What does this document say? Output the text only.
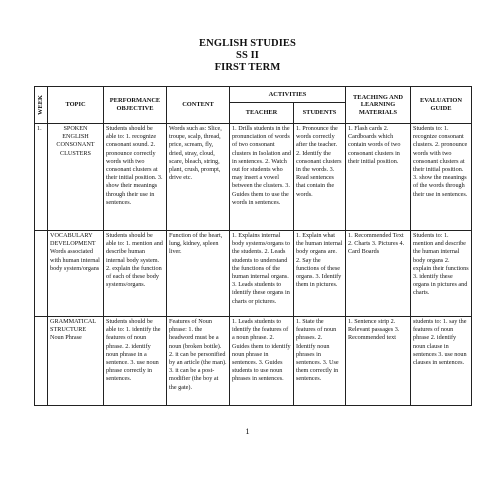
ENGLISH STUDIES
SS II
FIRST TERM
WEEK	TOPIC	PERFORMANCE OBJECTIVE	CONTENT	ACTIVITIES		TEACHING AND LEARNING MATERIALS	EVALUATION GUIDE
				TEACHER	STUDENTS		
1.	SPOKEN ENGLISH CONSONANT CLUSTERS	Students should be able to: 1. recognize consonant sound. 2. pronounce correctly words with two consonant clusters at their initial position. 3. show their meanings through their use in sentences.	Words such as: Slice, troupe, scalp, thread, price, scream, fly, dried, stray, cloud, scare, bleach, string, plant, crush, prompt, drive etc.	1. Drills students in the pronunciation of words of two consonant clusters in Isolation and in sentences. 2. Watch out for students who may insert a vowel between the clusters. 3. Guides them to use the words in sentences.	1. Pronounce the words correctly after the teacher. 2. Identify the consonant clusters in the words. 3. Read sentences that contain the words.	1. Flash cards 2. Cardboards which contain words of two consonant clusters in their initial position.	Students to: 1. recognize consonant clusters. 2. pronounce words with two consonant clusters at their initial position. 3. show the meanings of the words through their use in sentences.
	VOCABULARY DEVELOPMENT Words associated with human internal body system/organs	Students should be able to: 1. mention and describe human internal body system. 2. explain the function of each of these body systems/organs.	Function of the heart, lung, kidney, spleen liver.	1. Explains internal body systems/organs to the students. 2. Leads students to understand the functions of the human internal organs. 3. Leads students to identify these organs in charts or pictures.	1. Explain what the human internal body organs are. 2. Say the functions of these organs. 3. Identify them in pictures.	1. Recommended Text 2. Charts 3. Pictures 4. Card Boards	Students to: 1. mention and describe the human internal body organs 2. explain their functions 3. identify these organs in pictures and charts.
	GRAMMATICAL STRUCTURE Noun Phrase	Students should be able to: 1. identify the features of noun phrase. 2. identify noun phrase in a sentence. 3. use noun phrase correctly in sentences.	Features of Noun phrase: 1. the headword must be a noun (broken bottle). 2. it can be personified by an article (the man). 3. it can be a post-modifier (the boy at the gate).	1. Leads students to identify the features of a noun phrase. 2. Guides them to identify noun phrase in sentences. 3. Guides students to use noun phrases in sentences.	1. State the features of noun phrases. 2. Identify noun phrases in sentences. 3. Use them correctly in sentences.	1. Sentence strip 2. Relevant passages 3. Recommended text	students to: 1. say the features of noun phrase 2. identify noun clause in sentences 3. use noun clauses in sentences.
1
